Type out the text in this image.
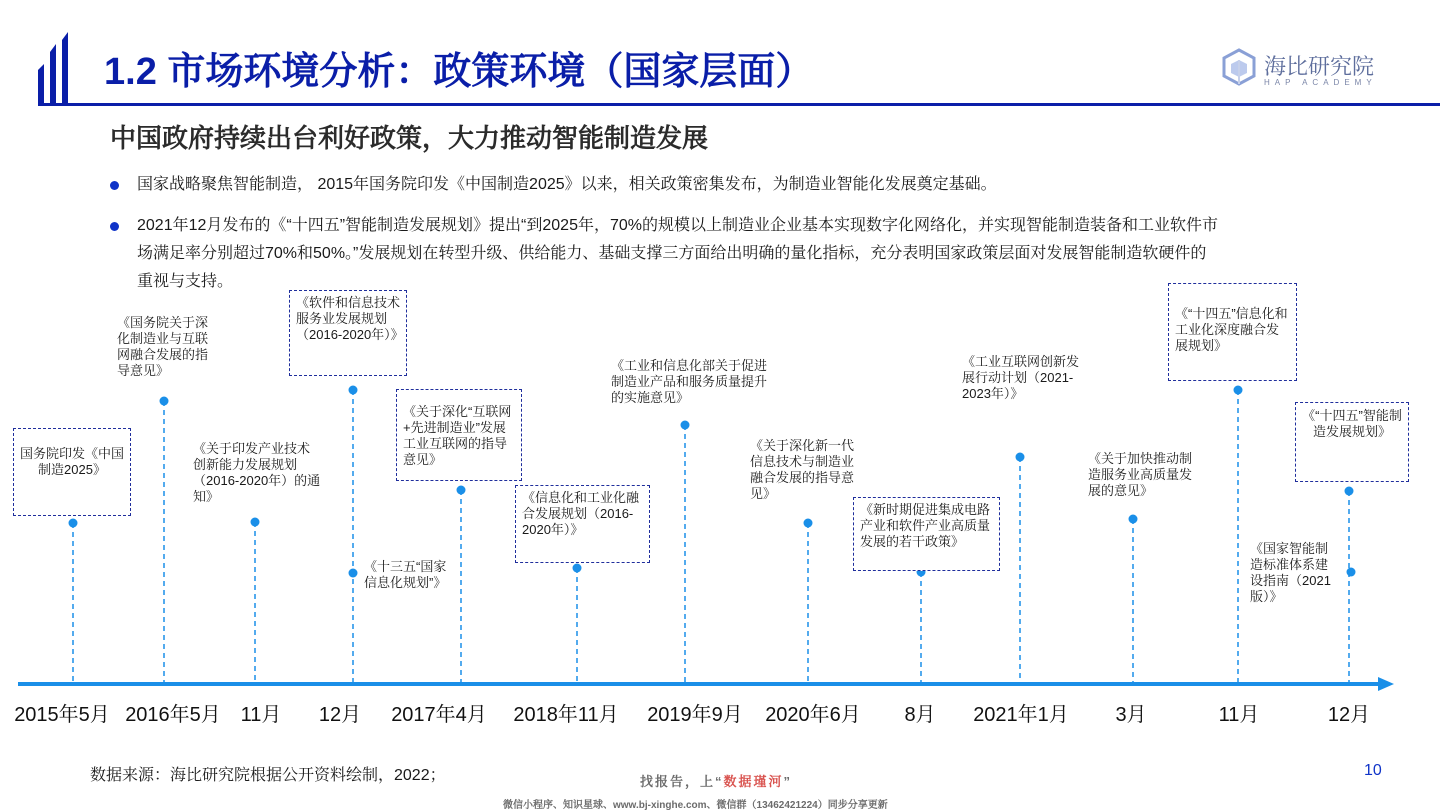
1.2 市场环境分析：政策环境（国家层面）	海比研究院
HAP ACADEMY
中国政府持续出台利好政策，大力推动智能制造发展
国家战略聚焦智能制造， 2015年国务院印发《中国制造2025》以来，相关政策密集发布，为制造业智能化发展奠定基础。
2021年12月发布的《“十四五”智能制造发展规划》提出“到2025年，70%的规模以上制造业企业基本实现数字化网络化，并实现智能制造装备和工业软件市场满足率分别超过70%和50%。”发展规划在转型升级、供给能力、基础支撑三方面给出明确的量化指标，充分表明国家政策层面对发展智能制造软硬件的重视与支持。
国务院印发《中国制造2025》
《国务院关于深化制造业与互联网融合发展的指导意见》
《关于印发产业技术创新能力发展规划（2016-2020年）的通知》
《软件和信息技术服务业发展规划（2016-2020年）》
《十三五“国家信息化规划”》
《关于深化“互联网+先进制造业”发展工业互联网的指导意见》
《信息化和工业化融合发展规划（2016-2020年）》
《工业和信息化部关于促进制造业产品和服务质量提升的实施意见》
《关于深化新一代信息技术与制造业融合发展的指导意见》
《新时期促进集成电路产业和软件产业高质量发展的若干政策》
《工业互联网创新发展行动计划（2021-2023年）》
《关于加快推动制造服务业高质量发展的意见》
《“十四五”信息化和工业化深度融合发展规划》
《“十四五”智能制造发展规划》
《国家智能制造标准体系建设指南（2021版）》
2015年5月 2016年5月 11月 12月 2017年4月 2018年11月 2019年9月 2020年6月 8月 2021年1月 3月	11月	12月
数据来源：海比研究院根据公开资料绘制，2022；	10
找报告，上“数据瑾河”
微信小程序、知识星球、www.bj-xinghe.com、微信群（13462421224）同步分享更新
